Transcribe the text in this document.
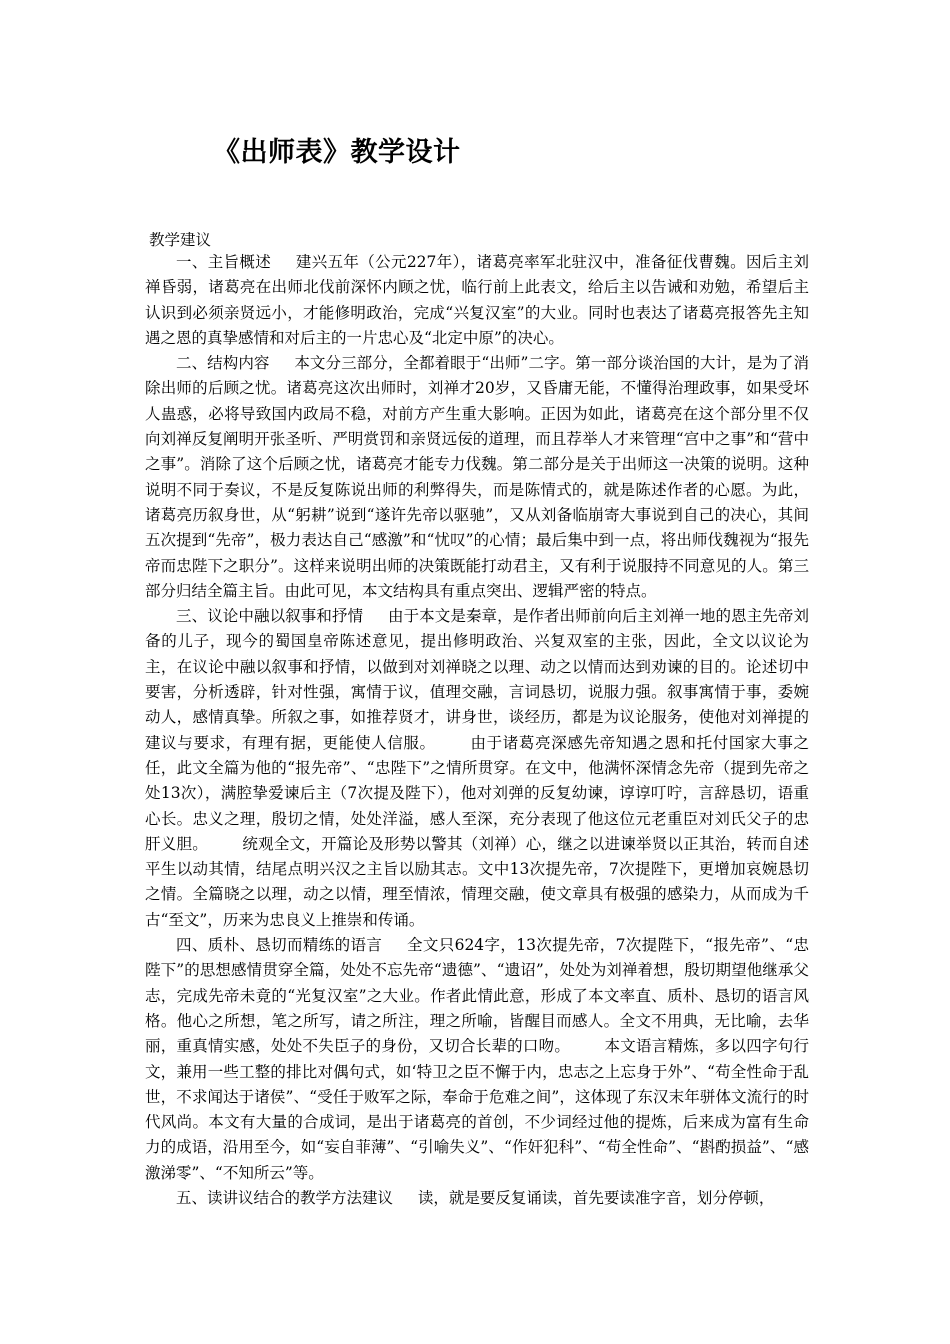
《出师表》教学设计
教学建议

一、主旨概述 建兴五年（公元227年），诸葛亮率军北驻汉中，准备征伐曹魏。因后主刘禅昏弱，诸葛亮在出师北伐前深怀内顾之忧，临行前上此表文，给后主以告诫和劝勉，希望后主认识到必须亲贤远小，才能修明政治，完成“兴复汉室”的大业。同时也表达了诸葛亮报答先主知遇之恩的真挚感情和对后主的一片忠心及“北定中原”的决心。

二、结构内容 本文分三部分，全都着眼于“出师”二字。第一部分谈治国的大计，是为了消除出师的后顾之忧。诸葛亮这次出师时，刘禅才20岁，又昏庸无能，不懂得治理政事，如果受坏人蛊惑，必将导致国内政局不稳，对前方产生重大影响。正因为如此，诸葛亮在这个部分里不仅向刘禅反复阐明开张圣听、严明赏罚和亲贤远佞的道理，而且荐举人才来管理“宫中之事”和“营中之事”。消除了这个后顾之忧，诸葛亮才能专力伐魏。第二部分是关于出师这一决策的说明。这种说明不同于奏议，不是反复陈说出师的利弊得失，而是陈情式的，就是陈述作者的心愿。为此，诸葛亮历叙身世，从“躬耕”说到“遂许先帝以驱驰”，又从刘备临崩寄大事说到自己的决心，其间五次提到“先帝”，极力表达自己“感激”和“忧叹”的心情；最后集中到一点，将出师伐魏视为“报先帝而忠陛下之职分”。这样来说明出师的决策既能打动君主，又有利于说服持不同意见的人。第三部分归结全篇主旨。由此可见，本文结构具有重点突出、逻辑严密的特点。

三、议论中融以叙事和抒情 由于本文是秦章，是作者出师前向后主刘禅一地的恩主先帝刘备的儿子，现今的蜀国皇帝陈述意见，提出修明政治、兴复双室的主张，因此，全文以议论为主，在议论中融以叙事和抒情，以做到对刘禅晓之以理、动之以情而达到劝谏的目的。论述切中要害，分析透辟，针对性强，寓情于议，值理交融，言词恳切，说服力强。叙事寓情于事，委婉动人，感情真挚。所叙之事，如推荐贤才，讲身世，谈经历，都是为议论服务，使他对刘禅提的建议与要求，有理有据，更能使人信服。 由于诸葛亮深感先帝知遇之恩和托付国家大事之任，此文全篇为他的“报先帝”、“忠陛下”之情所贯穿。在文中，他满怀深情念先帝（提到先帝之处13次），满腔挚爱谏后主（7次提及陛下），他对刘弹的反复幼谏，谆谆叮咛，言辞恳切，语重心长。忠义之理，殷切之情，处处洋溢，感人至深，充分表现了他这位元老重臣对刘氏父子的忠肝义胆。 统观全文，开篇论及形势以警其（刘禅）心，继之以进谏举贤以正其治，转而自述平生以动其情，结尾点明兴汉之主旨以励其志。文中13次提先帝，7次提陛下，更增加哀婉恳切之情。全篇晓之以理，动之以情，理至情浓，情理交融，使文章具有极强的感染力，从而成为千古“至文”，历来为忠良义上推崇和传诵。

四、质朴、恳切而精练的语言 全文只624字，13次提先帝，7次提陛下，“报先帝”、“忠陛下”的思想感情贯穿全篇，处处不忘先帝“遗德”、“遗诏”，处处为刘禅着想，殷切期望他继承父志，完成先帝未竟的“光复汉室”之大业。作者此情此意，形成了本文率直、质朴、恳切的语言风格。他心之所想，笔之所写，请之所注，理之所喻，皆醒目而感人。全文不用典，无比喻，去华丽，重真情实感，处处不失臣子的身份，又切合长辈的口吻。 本文语言精炼，多以四字句行文，兼用一些工整的排比对偶句式，如‘特卫之臣不懈于内，忠志之上忘身于外”、“苟全性命于乱世，不求闻达于诸侯”、“受任于败军之际，奉命于危难之间”，这体现了东汉末年骈体文流行的时代风尚。本文有大量的合成词，是出于诸葛亮的首创，不少词经过他的提炼，后来成为富有生命力的成语，沿用至今，如“妄自菲薄”、“引喻失义”、“作奸犯科”、“苟全性命”、“斟酌损益”、“感激涕零”、“不知所云”等。

五、读讲议结合的教学方法建议 读，就是要反复诵读，首先要读准字音，划分停顿，
